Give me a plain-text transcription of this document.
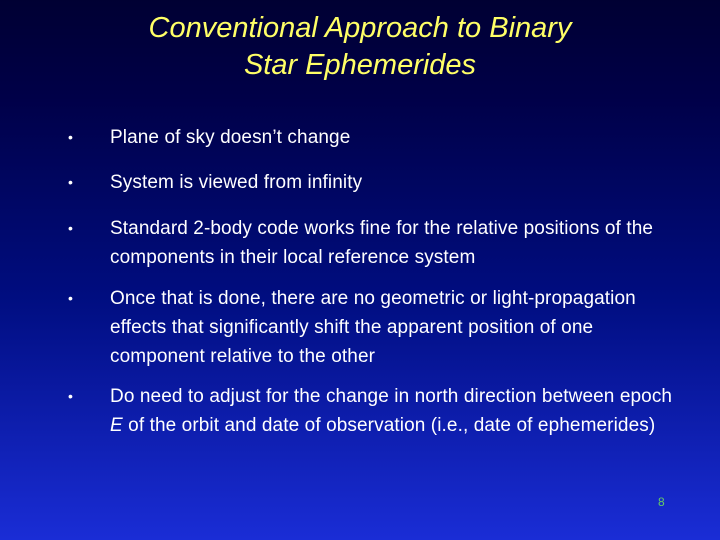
Conventional Approach to Binary
Star Ephemerides
•	Plane of sky doesn’t change
•	System is viewed from infinity
•	Standard 2-body code works fine for the relative positions of the components in their local reference system
•	Once that is done, there are no geometric or light-propagation effects that significantly shift the apparent position of one component relative to the other
•	Do need to adjust for the change in north direction between epoch E of the orbit and date of observation (i.e., date of ephemerides)
8
